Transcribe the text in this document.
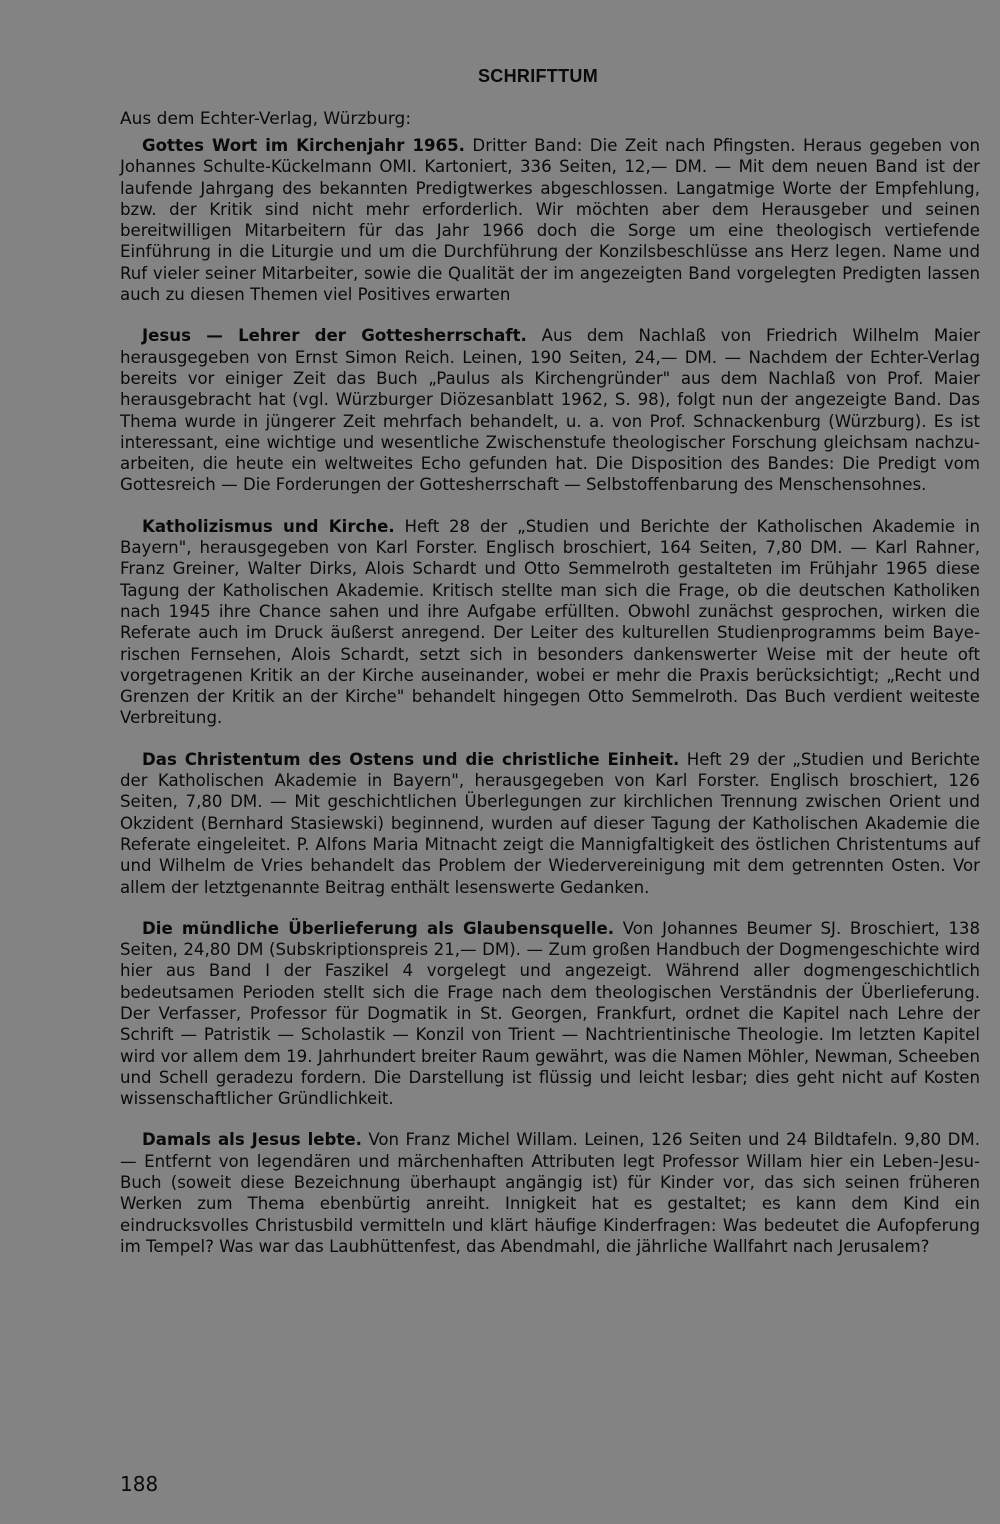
SCHRIFTTUM
Aus dem Echter-Verlag, Würzburg:

Gottes Wort im Kirchenjahr 1965. Dritter Band: Die Zeit nach Pfingsten. Heraus gegeben von Johannes Schulte-Kückelmann OMI. Kartoniert, 336 Seiten, 12,— DM. — Mit dem neuen Band ist der laufende Jahrgang des bekannten Predigtwerkes abgeschlossen. Langatmige Worte der Empfehlung, bzw. der Kritik sind nicht mehr erforderlich. Wir möchten aber dem Herausgeber und seinen bereitwilligen Mitarbeitern für das Jahr 1966 doch die Sorge um eine theologisch vertiefende Einführung in die Liturgie und um die Durchführung der Konzilsbeschlüsse ans Herz legen. Name und Ruf vieler seiner Mitarbeiter, sowie die Qualität der im angezeigten Band vorgelegten Predigten lassen auch zu diesen Themen viel Positives erwarten

Jesus — Lehrer der Gottesherrschaft. Aus dem Nachlaß von Friedrich Wilhelm Maier herausgegeben von Ernst Simon Reich. Leinen, 190 Seiten, 24,— DM. — Nachdem der Echter-Verlag bereits vor einiger Zeit das Buch „Paulus als Kirchengründer" aus dem Nachlaß von Prof. Maier herausgebracht hat (vgl. Würzburger Diözesanblatt 1962, S. 98), folgt nun der angezeigte Band. Das Thema wurde in jüngerer Zeit mehrfach behandelt, u. a. von Prof. Schnackenburg (Würzburg). Es ist interessant, eine wichtige und wesentliche Zwischenstufe theologischer Forschung gleichsam nachzuarbeiten, die heute ein weltweites Echo gefunden hat. Die Disposition des Bandes: Die Predigt vom Gottesreich — Die Forderungen der Gottesherrschaft — Selbstoffenbarung des Menschensohnes.

Katholizismus und Kirche. Heft 28 der „Studien und Berichte der Katholischen Akademie in Bayern", herausgegeben von Karl Forster. Englisch broschiert, 164 Seiten, 7,80 DM. — Karl Rahner, Franz Greiner, Walter Dirks, Alois Schardt und Otto Semmelroth gestalteten im Frühjahr 1965 diese Tagung der Katholischen Akademie. Kritisch stellte man sich die Frage, ob die deutschen Katholiken nach 1945 ihre Chance sahen und ihre Aufgabe erfüllten. Obwohl zunächst gesprochen, wirken die Referate auch im Druck äußerst anregend. Der Leiter des kulturellen Studienprogramms beim Bayerischen Fernsehen, Alois Schardt, setzt sich in besonders dankenswerter Weise mit der heute oft vorgetragenen Kritik an der Kirche auseinander, wobei er mehr die Praxis berücksichtigt; „Recht und Grenzen der Kritik an der Kirche" behandelt hingegen Otto Semmelroth. Das Buch verdient weiteste Verbreitung.

Das Christentum des Ostens und die christliche Einheit. Heft 29 der „Studien und Berichte der Katholischen Akademie in Bayern", herausgegeben von Karl Forster. Englisch broschiert, 126 Seiten, 7,80 DM. — Mit geschichtlichen Überlegungen zur kirchlichen Trennung zwischen Orient und Okzident (Bernhard Stasiewski) beginnend, wurden auf dieser Tagung der Katholischen Akademie die Referate eingeleitet. P. Alfons Maria Mitnacht zeigt die Mannigfaltigkeit des östlichen Christentums auf und Wilhelm de Vries behandelt das Problem der Wiedervereinigung mit dem getrennten Osten. Vor allem der letztgenannte Beitrag enthält lesenswerte Gedanken.

Die mündliche Überlieferung als Glaubensquelle. Von Johannes Beumer SJ. Broschiert, 138 Seiten, 24,80 DM (Subskriptionspreis 21,— DM). — Zum großen Handbuch der Dogmengeschichte wird hier aus Band I der Faszikel 4 vorgelegt und angezeigt. Während aller dogmengeschichtlich bedeutsamen Perioden stellt sich die Frage nach dem theologischen Verständnis der Überlieferung. Der Verfasser, Professor für Dogmatik in St. Georgen, Frankfurt, ordnet die Kapitel nach Lehre der Schrift — Patristik — Scholastik — Konzil von Trient — Nachtrientinische Theologie. Im letzten Kapitel wird vor allem dem 19. Jahrhundert breiter Raum gewährt, was die Namen Möhler, Newman, Scheeben und Schell geradezu fordern. Die Darstellung ist flüssig und leicht lesbar; dies geht nicht auf Kosten wissenschaftlicher Gründlichkeit.

Damals als Jesus lebte. Von Franz Michel Willam. Leinen, 126 Seiten und 24 Bildtafeln. 9,80 DM. — Entfernt von legendären und märchenhaften Attributen legt Professor Willam hier ein Leben-Jesu-Buch (soweit diese Bezeichnung überhaupt angängig ist) für Kinder vor, das sich seinen früheren Werken zum Thema ebenbürtig anreiht. Innigkeit hat es gestaltet; es kann dem Kind ein eindrucksvolles Christusbild vermitteln und klärt häufige Kinderfragen: Was bedeutet die Aufopferung im Tempel? Was war das Laubhüttenfest, das Abendmahl, die jährliche Wallfahrt nach Jerusalem?

188
